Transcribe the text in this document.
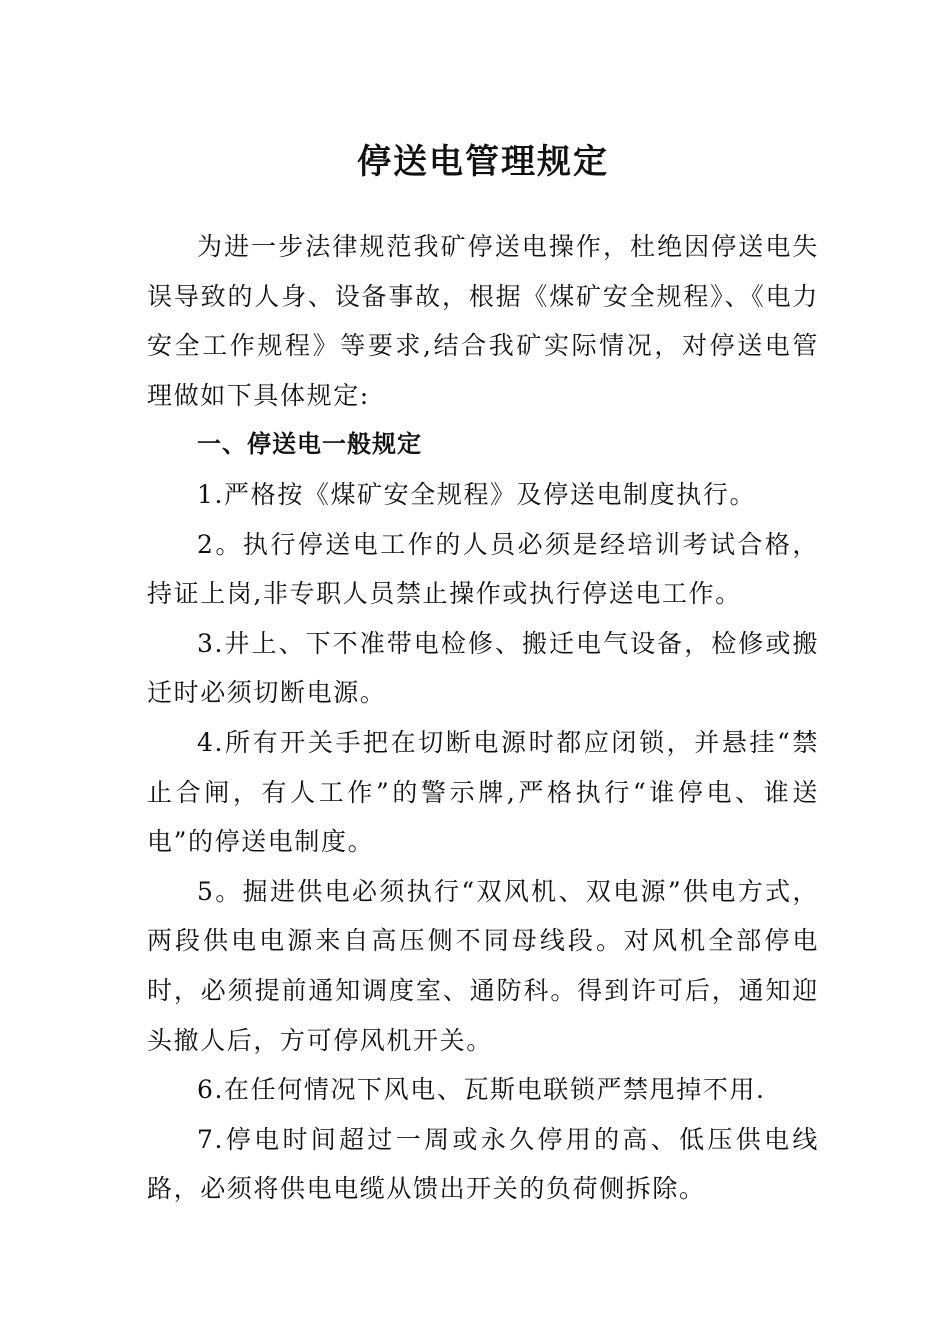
停送电管理规定

为进一步法律规范我矿停送电操作，杜绝因停送电失误导致的人身、设备事故，根据《煤矿安全规程》、《电力安全工作规程》等要求,结合我矿实际情况，对停送电管理做如下具体规定:

一、停送电一般规定

1.严格按《煤矿安全规程》及停送电制度执行。

2。执行停送电工作的人员必须是经培训考试合格，持证上岗,非专职人员禁止操作或执行停送电工作。

3.井上、下不准带电检修、搬迁电气设备，检修或搬迁时必须切断电源。

4.所有开关手把在切断电源时都应闭锁，并悬挂“禁止合闸，有人工作”的警示牌,严格执行“谁停电、谁送电”的停送电制度。

5。掘进供电必须执行“双风机、双电源”供电方式，两段供电电源来自高压侧不同母线段。对风机全部停电时，必须提前通知调度室、通防科。得到许可后，通知迎头撤人后，方可停风机开关。

6.在任何情况下风电、瓦斯电联锁严禁甩掉不用.

7.停电时间超过一周或永久停用的高、低压供电线路，必须将供电电缆从馈出开关的负荷侧拆除。
